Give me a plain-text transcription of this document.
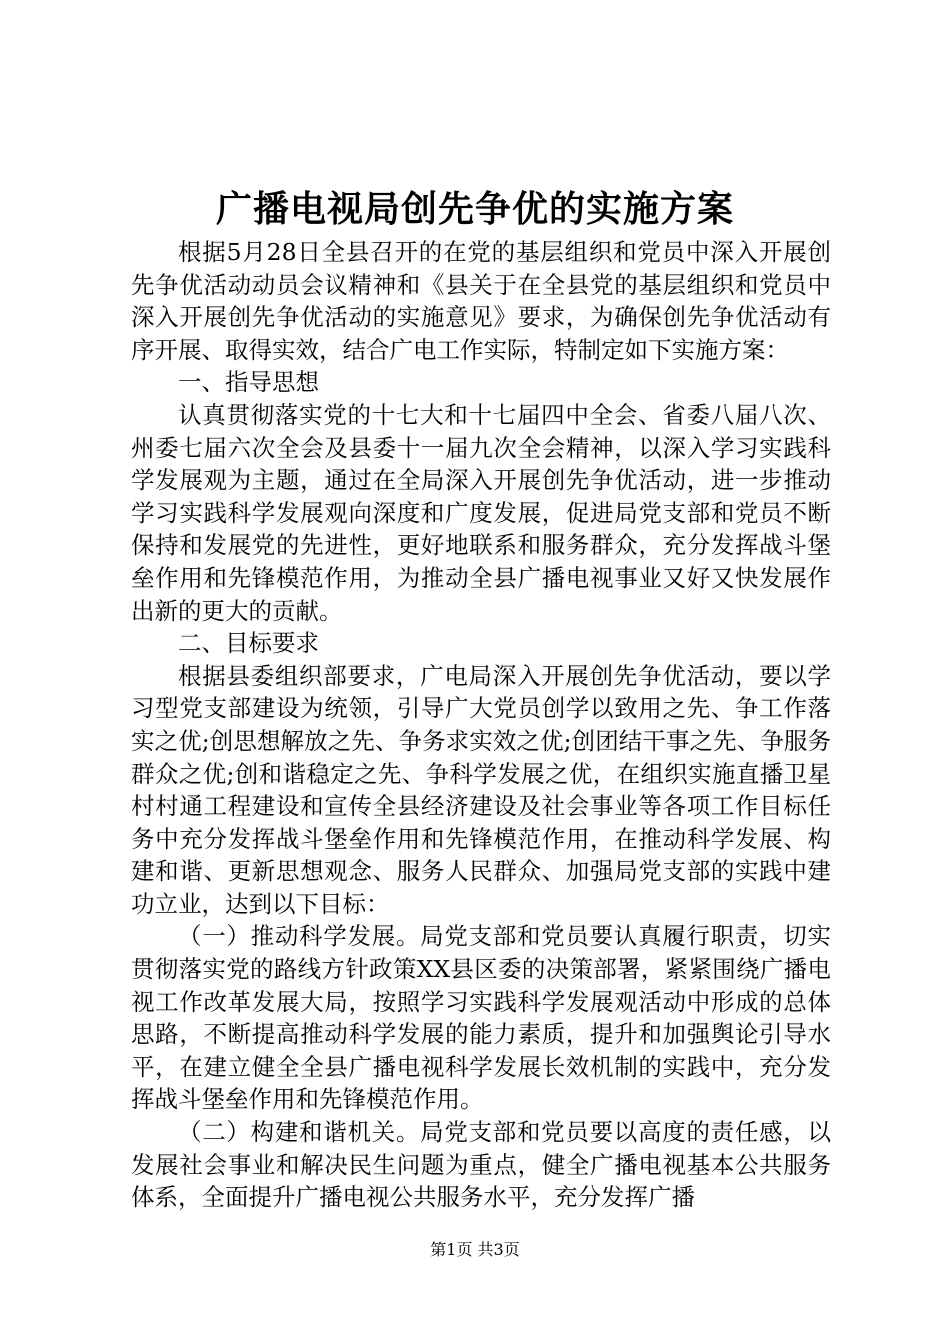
广播电视局创先争优的实施方案

根据5月28日全县召开的在党的基层组织和党员中深入开展创先争优活动动员会议精神和《县关于在全县党的基层组织和党员中深入开展创先争优活动的实施意见》要求，为确保创先争优活动有序开展、取得实效，结合广电工作实际，特制定如下实施方案：

一、指导思想

认真贯彻落实党的十七大和十七届四中全会、省委八届八次、州委七届六次全会及县委十一届九次全会精神，以深入学习实践科学发展观为主题，通过在全局深入开展创先争优活动，进一步推动学习实践科学发展观向深度和广度发展，促进局党支部和党员不断保持和发展党的先进性，更好地联系和服务群众，充分发挥战斗堡垒作用和先锋模范作用，为推动全县广播电视事业又好又快发展作出新的更大的贡献。

二、目标要求

根据县委组织部要求，广电局深入开展创先争优活动，要以学习型党支部建设为统领，引导广大党员创学以致用之先、争工作落实之优;创思想解放之先、争务求实效之优;创团结干事之先、争服务群众之优;创和谐稳定之先、争科学发展之优，在组织实施直播卫星村村通工程建设和宣传全县经济建设及社会事业等各项工作目标任务中充分发挥战斗堡垒作用和先锋模范作用，在推动科学发展、构建和谐、更新思想观念、服务人民群众、加强局党支部的实践中建功立业，达到以下目标：

（一）推动科学发展。局党支部和党员要认真履行职责，切实贯彻落实党的路线方针政策XX县区委的决策部署，紧紧围绕广播电视工作改革发展大局，按照学习实践科学发展观活动中形成的总体思路，不断提高推动科学发展的能力素质，提升和加强舆论引导水平，在建立健全全县广播电视科学发展长效机制的实践中，充分发挥战斗堡垒作用和先锋模范作用。

（二）构建和谐机关。局党支部和党员要以高度的责任感，以发展社会事业和解决民生问题为重点，健全广播电视基本公共服务体系，全面提升广播电视公共服务水平，充分发挥广播

第1页 共3页
